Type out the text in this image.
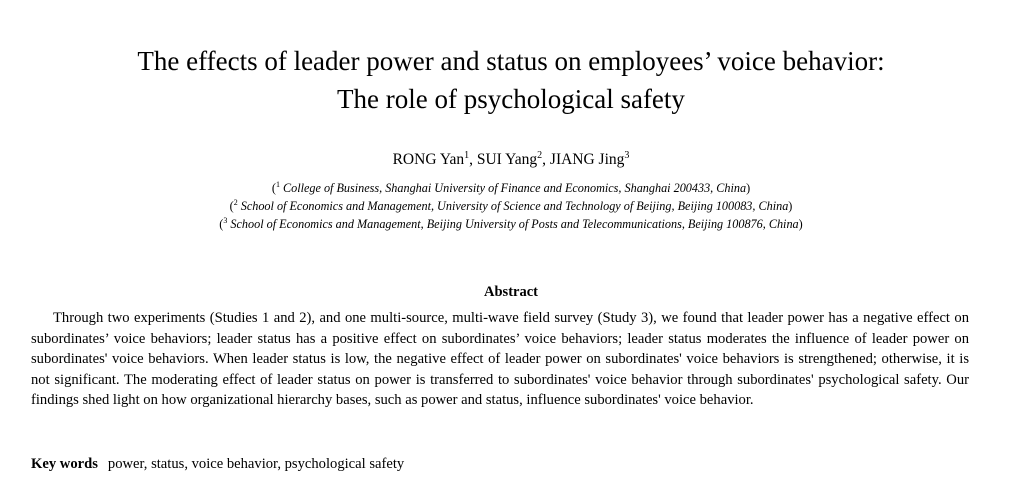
The effects of leader power and status on employees’ voice behavior:
The role of psychological safety
RONG Yan$^1$, SUI Yang$^2$, JIANG Jing$^3$
($^1$ College of Business, Shanghai University of Finance and Economics, Shanghai 200433, China)
($^2$ School of Economics and Management, University of Science and Technology of Beijing, Beijing 100083, China)
($^3$ School of Economics and Management, Beijing University of Posts and Telecommunications, Beijing 100876, China)
Abstract

Through two experiments (Studies 1 and 2), and one multi-source, multi-wave field survey (Study 3), we found that leader power has a negative effect on subordinates’ voice behaviors; leader status has a positive effect on subordinates’ voice behaviors; leader status moderates the influence of leader power on subordinates' voice behaviors. When leader status is low, the negative effect of leader power on subordinates' voice behaviors is strengthened; otherwise, it is not significant. The moderating effect of leader status on power is transferred to subordinates' voice behavior through subordinates' psychological safety. Our findings shed light on how organizational hierarchy bases, such as power and status, influence subordinates' voice behavior.

Key words power, status, voice behavior, psychological safety
